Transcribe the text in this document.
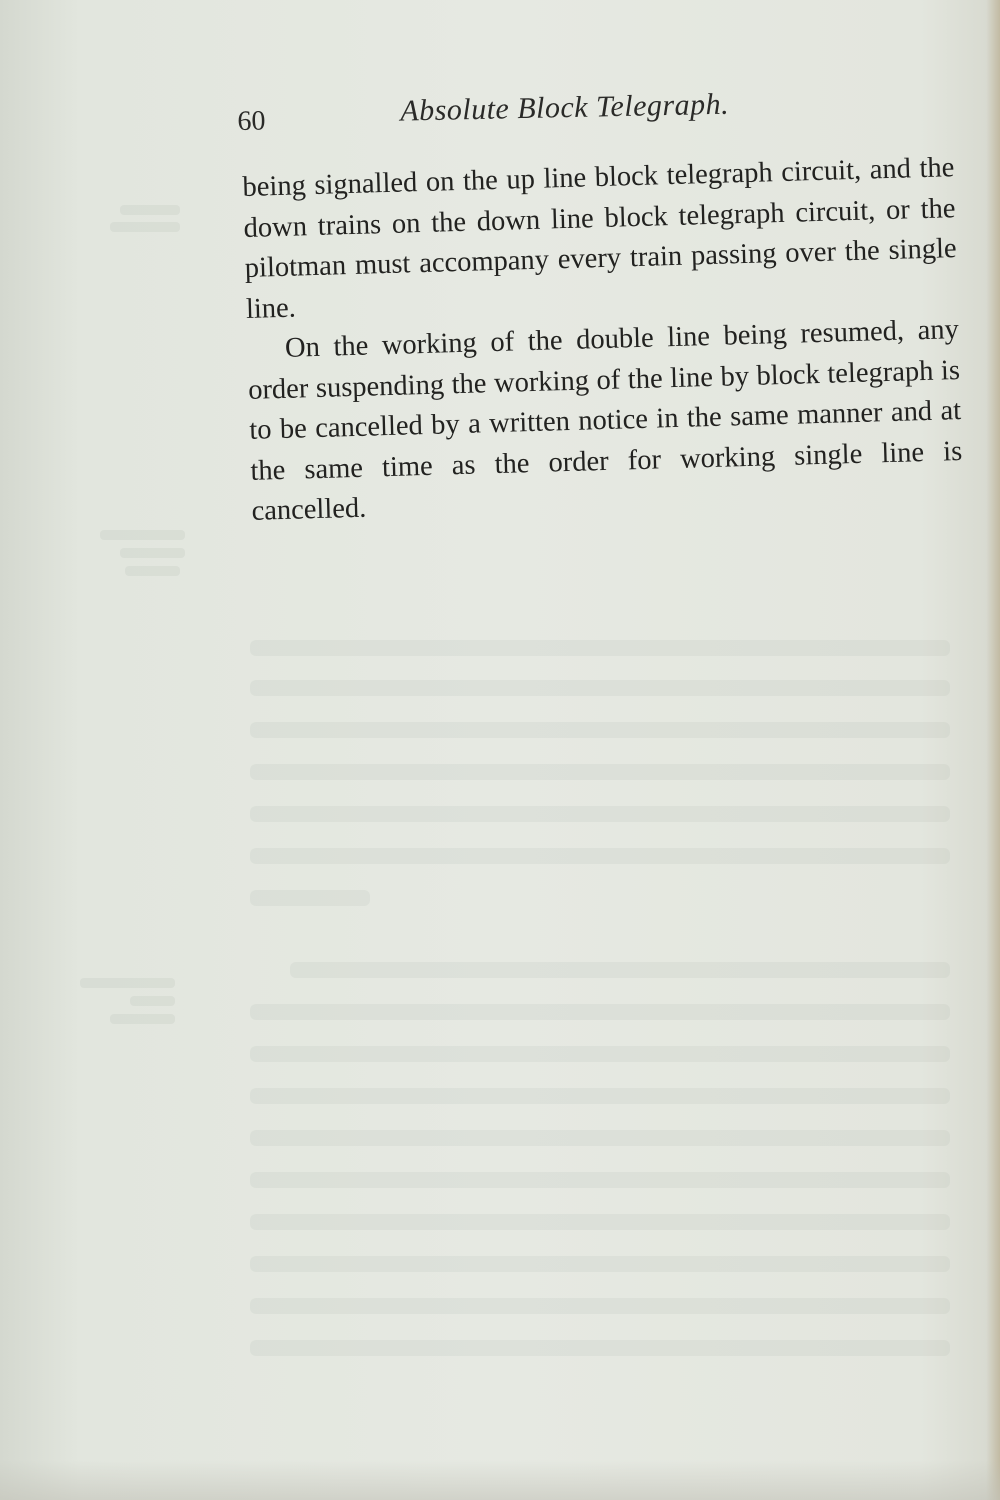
60	Absolute Block Telegraph.

being signalled on the up line block telegraph circuit, and the down trains on the down line block telegraph circuit, or the pilotman must accompany every train passing over the single line.

On the working of the double line being resumed, any order suspending the working of the line by block telegraph is to be cancelled by a written notice in the same manner and at the same time as the order for working single line is cancelled.
